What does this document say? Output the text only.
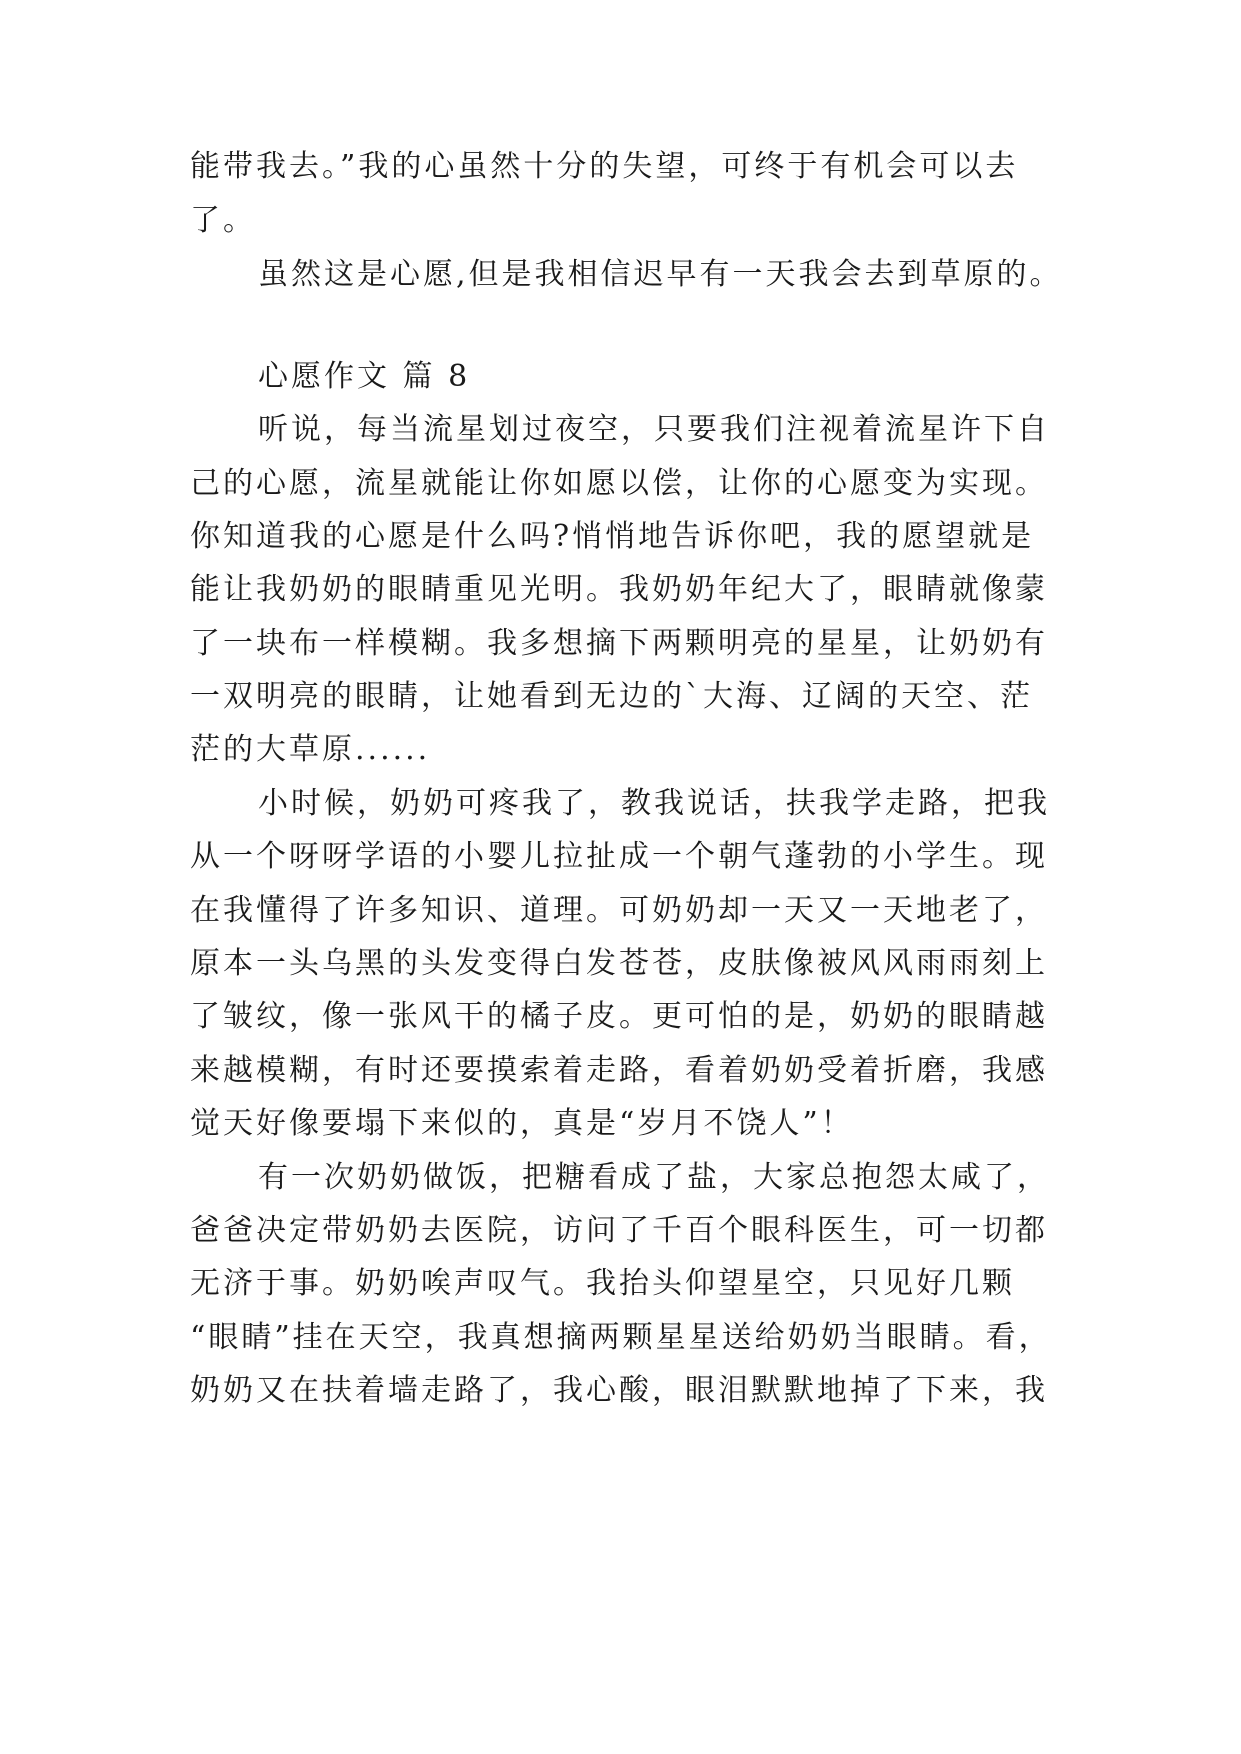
能带我去。”我的心虽然十分的失望，可终于有机会可以去
了。
虽然这是心愿,但是我相信迟早有一天我会去到草原的。
心愿作文 篇 8
听说，每当流星划过夜空，只要我们注视着流星许下自
己的心愿，流星就能让你如愿以偿，让你的心愿变为实现。
你知道我的心愿是什么吗?悄悄地告诉你吧，我的愿望就是
能让我奶奶的眼睛重见光明。我奶奶年纪大了，眼睛就像蒙
了一块布一样模糊。我多想摘下两颗明亮的星星，让奶奶有
一双明亮的眼睛，让她看到无边的`大海、辽阔的天空、茫
茫的大草原......
小时候，奶奶可疼我了，教我说话，扶我学走路，把我
从一个呀呀学语的小婴儿拉扯成一个朝气蓬勃的小学生。现
在我懂得了许多知识、道理。可奶奶却一天又一天地老了，
原本一头乌黑的头发变得白发苍苍，皮肤像被风风雨雨刻上
了皱纹，像一张风干的橘子皮。更可怕的是，奶奶的眼睛越
来越模糊，有时还要摸索着走路，看着奶奶受着折磨，我感
觉天好像要塌下来似的，真是“岁月不饶人”！
有一次奶奶做饭，把糖看成了盐，大家总抱怨太咸了，
爸爸决定带奶奶去医院，访问了千百个眼科医生，可一切都
无济于事。奶奶唉声叹气。我抬头仰望星空，只见好几颗
“眼睛”挂在天空，我真想摘两颗星星送给奶奶当眼睛。看，
奶奶又在扶着墙走路了，我心酸，眼泪默默地掉了下来，我
